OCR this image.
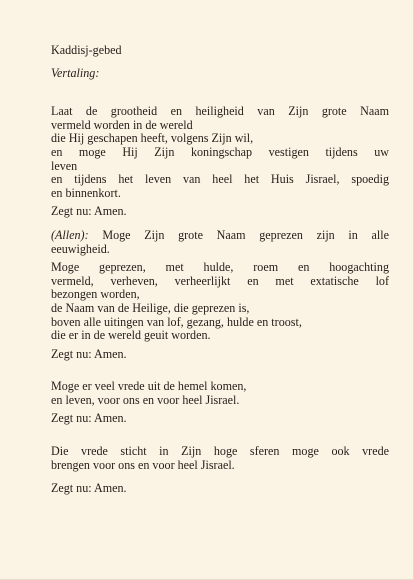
Kaddisj-gebed
Vertaling:
Laat de grootheid en heiligheid van Zijn grote Naam
vermeld worden in de wereld
die Hij geschapen heeft, volgens Zijn wil,
en moge Hij Zijn koningschap vestigen tijdens uw
leven
en tijdens het leven van heel het Huis Jisrael, spoedig
en binnenkort.
Zegt nu: Amen.
(Allen): Moge Zijn grote Naam geprezen zijn in alle
eeuwigheid.
Moge geprezen, met hulde, roem en hoogachting
vermeld, verheven, verheerlijkt en met extatische lof
bezongen worden,
de Naam van de Heilige, die geprezen is,
boven alle uitingen van lof, gezang, hulde en troost,
die er in de wereld geuit worden.
Zegt nu: Amen.
Moge er veel vrede uit de hemel komen,
en leven, voor ons en voor heel Jisrael.
Zegt nu: Amen.
Die vrede sticht in Zijn hoge sferen moge ook vrede
brengen voor ons en voor heel Jisrael.
Zegt nu: Amen.
